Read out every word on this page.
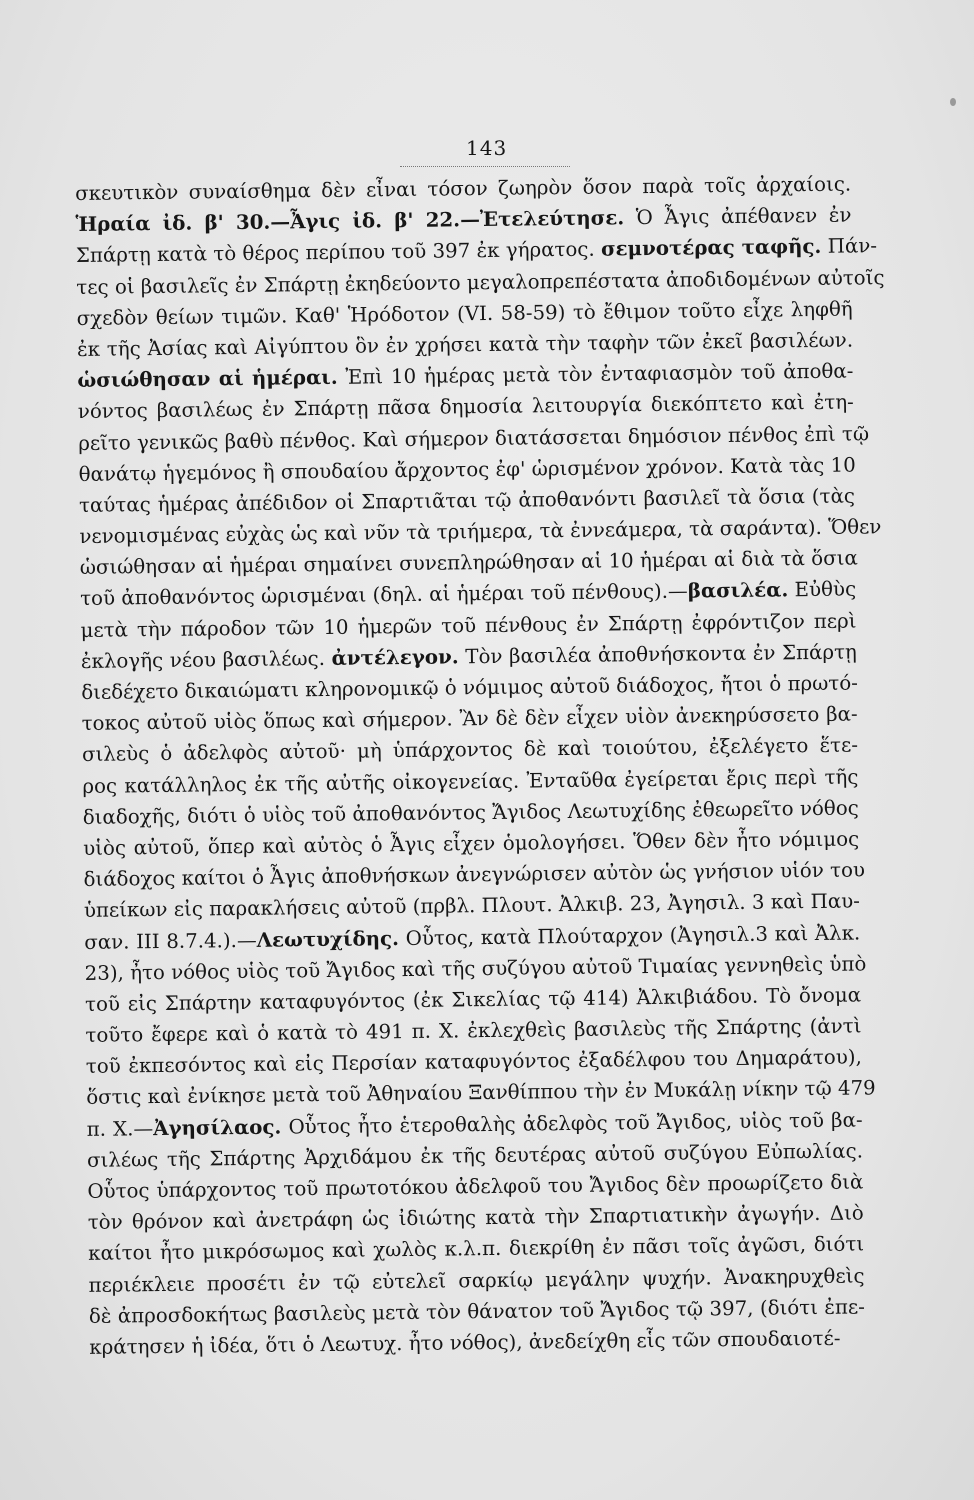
143
σκευτικὸν συναίσθημα δὲν εἶναι τόσον ζωηρὸν ὅσον παρὰ τοῖς ἀρχαίοις.
Ἡραία ἰδ. β' 30.—Ἆγις ἰδ. β' 22.—Ἐτελεύτησε. Ὁ Ἆγις ἀπέθανεν ἐν
Σπάρτῃ κατὰ τὸ θέρος περίπου τοῦ 397 ἐκ γήρατος. σεμνοτέρας ταφῆς. Πάν-
τες οἱ βασιλεῖς ἐν Σπάρτῃ ἐκηδεύοντο μεγαλοπρεπέστατα ἀποδιδομένων αὐτοῖς
σχεδὸν θείων τιμῶν. Καθ' Ἡρόδοτον (VI. 58-59) τὸ ἔθιμον τοῦτο εἶχε ληφθῆ
ἐκ τῆς Ἀσίας καὶ Αἰγύπτου ὃν ἐν χρήσει κατὰ τὴν ταφὴν τῶν ἐκεῖ βασιλέων.
ὡσιώθησαν αἱ ἡμέραι. Ἐπὶ 10 ἡμέρας μετὰ τὸν ἐνταφιασμὸν τοῦ ἀποθα-
νόντος βασιλέως ἐν Σπάρτῃ πᾶσα δημοσία λειτουργία διεκόπτετο καὶ ἐτη-
ρεῖτο γενικῶς βαθὺ πένθος. Καὶ σήμερον διατάσσεται δημόσιον πένθος ἐπὶ τῷ
θανάτῳ ἡγεμόνος ἢ σπουδαίου ἄρχοντος ἐφ' ὡρισμένον χρόνον. Κατὰ τὰς 10
ταύτας ἡμέρας ἀπέδιδον οἱ Σπαρτιᾶται τῷ ἀποθανόντι βασιλεῖ τὰ ὅσια (τὰς
νενομισμένας εὐχὰς ὡς καὶ νῦν τὰ τριήμερα, τὰ ἐννεάμερα, τὰ σαράντα). Ὅθεν
ὡσιώθησαν αἱ ἡμέραι σημαίνει συνεπληρώθησαν αἱ 10 ἡμέραι αἱ διὰ τὰ ὅσια
τοῦ ἀποθανόντος ὡρισμέναι (δηλ. αἱ ἡμέραι τοῦ πένθους).—βασιλέα. Εὐθὺς
μετὰ τὴν πάροδον τῶν 10 ἡμερῶν τοῦ πένθους ἐν Σπάρτῃ ἐφρόντιζον περὶ
ἐκλογῆς νέου βασιλέως. ἀντέλεγον. Τὸν βασιλέα ἀποθνήσκοντα ἐν Σπάρτῃ
διεδέχετο δικαιώματι κληρονομικῷ ὁ νόμιμος αὐτοῦ διάδοχος, ἤτοι ὁ πρωτό-
τοκος αὐτοῦ υἱὸς ὅπως καὶ σήμερον. Ἂν δὲ δὲν εἶχεν υἱὸν ἀνεκηρύσσετο βα-
σιλεὺς ὁ ἀδελφὸς αὐτοῦ· μὴ ὑπάρχοντος δὲ καὶ τοιούτου, ἐξελέγετο ἕτε-
ρος κατάλληλος ἐκ τῆς αὐτῆς οἰκογενείας. Ἐνταῦθα ἐγείρεται ἔρις περὶ τῆς
διαδοχῆς, διότι ὁ υἱὸς τοῦ ἀποθανόντος Ἄγιδος Λεωτυχίδης ἐθεωρεῖτο νόθος
υἱὸς αὐτοῦ, ὅπερ καὶ αὐτὸς ὁ Ἆγις εἶχεν ὁμολογήσει. Ὅθεν δὲν ἦτο νόμιμος
διάδοχος καίτοι ὁ Ἆγις ἀποθνήσκων ἀνεγνώρισεν αὐτὸν ὡς γνήσιον υἱόν του
ὑπείκων εἰς παρακλήσεις αὐτοῦ (πρβλ. Πλουτ. Ἀλκιβ. 23, Ἀγησιλ. 3 καὶ Παυ-
σαν. III 8.7.4.).—Λεωτυχίδης. Οὗτος, κατὰ Πλούταρχον (Ἀγησιλ.3 καὶ Ἀλκ.
23), ἦτο νόθος υἱὸς τοῦ Ἄγιδος καὶ τῆς συζύγου αὐτοῦ Τιμαίας γεννηθεὶς ὑπὸ
τοῦ εἰς Σπάρτην καταφυγόντος (ἐκ Σικελίας τῷ 414) Ἀλκιβιάδου. Τὸ ὄνομα
τοῦτο ἔφερε καὶ ὁ κατὰ τὸ 491 π. Χ. ἐκλεχθεὶς βασιλεὺς τῆς Σπάρτης (ἀντὶ
τοῦ ἐκπεσόντος καὶ εἰς Περσίαν καταφυγόντος ἐξαδέλφου του Δημαράτου),
ὅστις καὶ ἐνίκησε μετὰ τοῦ Ἀθηναίου Ξανθίππου τὴν ἐν Μυκάλῃ νίκην τῷ 479
π. Χ.—Ἀγησίλαος. Οὗτος ἦτο ἑτεροθαλὴς ἀδελφὸς τοῦ Ἄγιδος, υἱὸς τοῦ βα-
σιλέως τῆς Σπάρτης Ἀρχιδάμου ἐκ τῆς δευτέρας αὐτοῦ συζύγου Εὐπωλίας.
Οὗτος ὑπάρχοντος τοῦ πρωτοτόκου ἀδελφοῦ του Ἄγιδος δὲν προωρίζετο διὰ
τὸν θρόνον καὶ ἀνετράφη ὡς ἰδιώτης κατὰ τὴν Σπαρτιατικὴν ἀγωγήν. Διὸ
καίτοι ἦτο μικρόσωμος καὶ χωλὸς κ.λ.π. διεκρίθη ἐν πᾶσι τοῖς ἀγῶσι, διότι
περιέκλειε προσέτι ἐν τῷ εὐτελεῖ σαρκίῳ μεγάλην ψυχήν. Ἀνακηρυχθεὶς
δὲ ἀπροσδοκήτως βασιλεὺς μετὰ τὸν θάνατον τοῦ Ἄγιδος τῷ 397, (διότι ἐπε-
κράτησεν ἡ ἰδέα, ὅτι ὁ Λεωτυχ. ἦτο νόθος), ἀνεδείχθη εἷς τῶν σπουδαιοτέ-
